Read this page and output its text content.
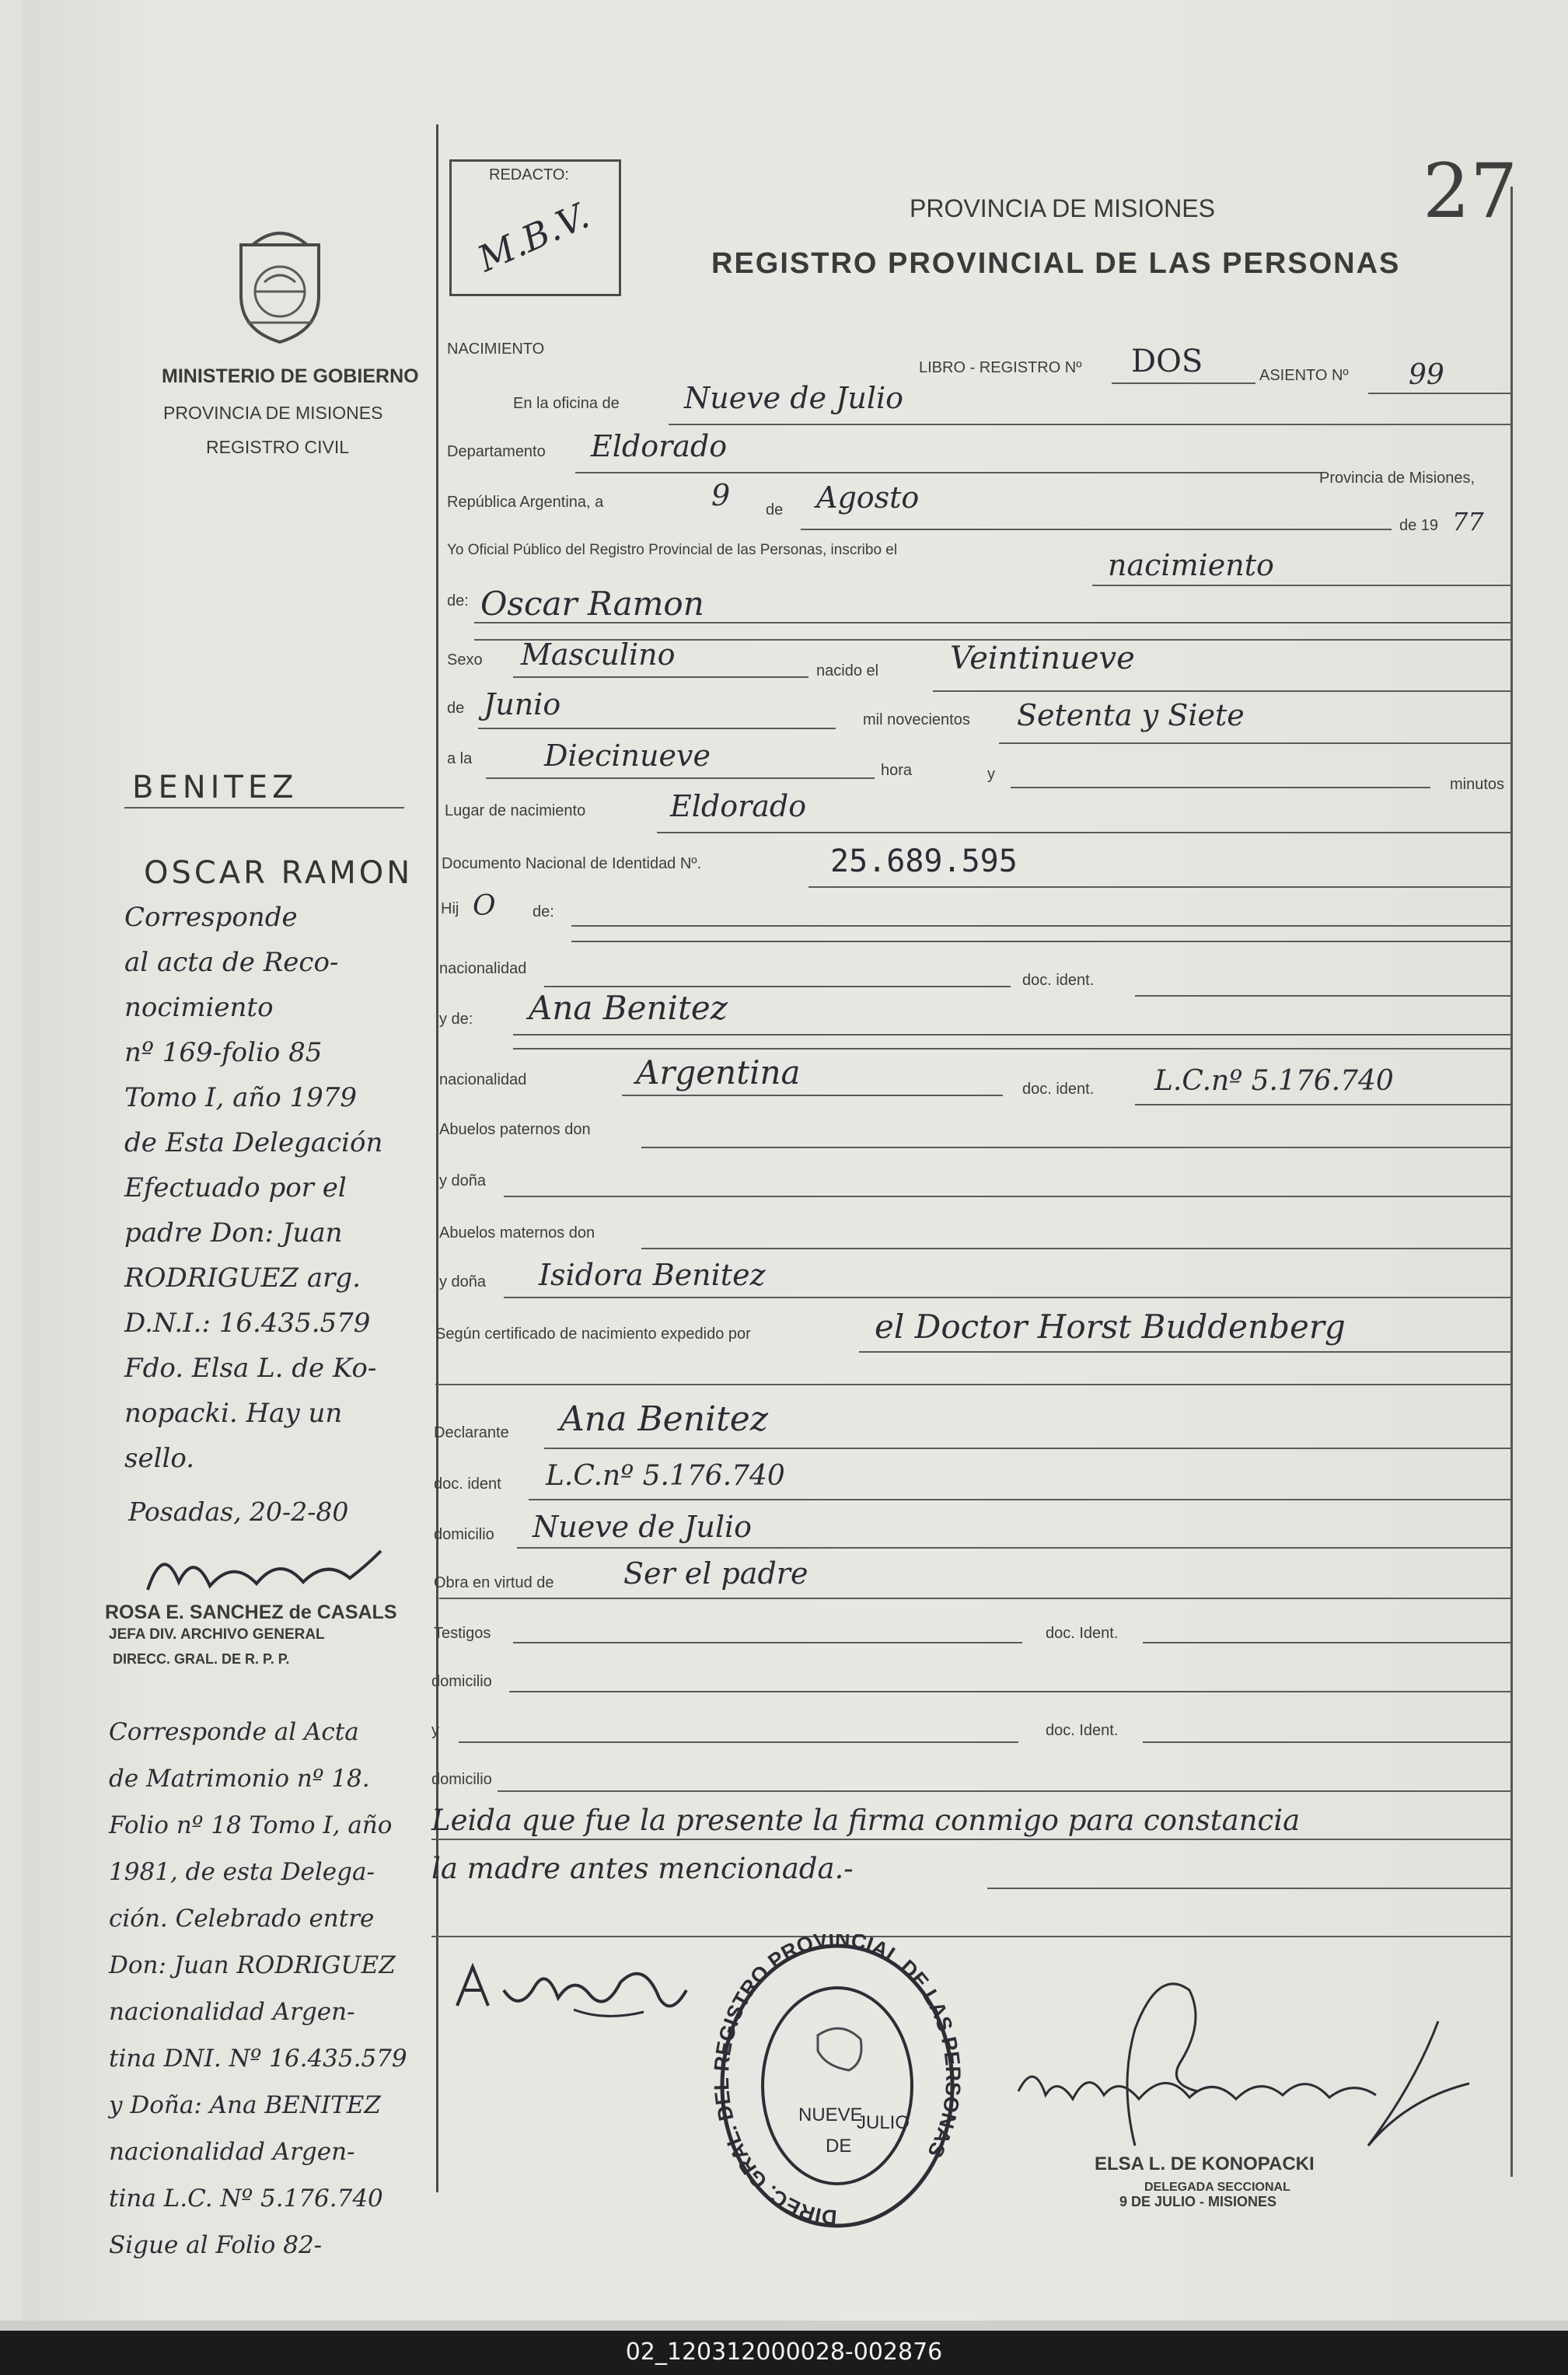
REDACTO:
M.B.V.
27
PROVINCIA DE MISIONES
REGISTRO PROVINCIAL DE LAS PERSONAS
MINISTERIO DE GOBIERNO
PROVINCIA DE MISIONES
REGISTRO CIVIL
NACIMIENTO
LIBRO - REGISTRO Nº DOS	ASIENTO Nº 99
En la oficina de Nueve de Julio
Departamento Eldorado
Provincia de Misiones,
República Argentina, a	9 de Agosto
de 19 77
Yo Oficial Público del Registro Provincial de las Personas, inscribo el	nacimiento
de: Oscar Ramon
Sexo Masculino	nacido el Veintinueve
de Junio	mil novecientos Setenta y Siete
a la Diecinueve	hora	y
minutos
Lugar de nacimiento	Eldorado
Documento Nacional de Identidad Nº.	25.689.595
Hij O de:
nacionalidad
doc. ident.
y de: Ana Benitez
nacionalidad	Argentina	doc. ident. L.C.nº 5.176.740
Abuelos paternos don
y doña
Abuelos maternos don
y doña Isidora Benitez
Según certificado de nacimiento expedido por	el Doctor Horst Buddenberg
Declarante Ana Benitez
doc. ident L.C.nº 5.176.740
domicilio Nueve de Julio
Obra en virtud de Ser el padre
Testigos	doc. Ident.
domicilio
y	doc. Ident.
domicilio
Leida que fue la presente la firma conmigo para constancia
la madre antes mencionada.-
DIREC. GRAL. DEL REGISTRO PROVINCIAL DE LAS PERSONAS
NUEVE
DE
JULIO
ELSA L. DE KONOPACKI
DELEGADA SECCIONAL
9 DE JULIO - MISIONES
BENITEZ
OSCAR RAMON
Corresponde
al acta de Reco-
nocimiento
nº 169-folio 85
Tomo I, año 1979
de Esta Delegación
Efectuado por el
padre Don: Juan
RODRIGUEZ arg.
D.N.I.: 16.435.579
Fdo. Elsa L. de Ko-
nopacki. Hay un
sello.
Posadas, 20-2-80
ROSA E. SANCHEZ de CASALS
JEFA DIV. ARCHIVO GENERAL
DIRECC. GRAL. DE R. P. P.
Corresponde al Acta
de Matrimonio nº 18.
Folio nº 18 Tomo I, año
1981, de esta Delega-
ción. Celebrado entre
Don: Juan RODRIGUEZ
nacionalidad Argen-
tina DNI. Nº 16.435.579
y Doña: Ana BENITEZ
nacionalidad Argen-
tina L.C. Nº 5.176.740
Sigue al Folio 82-
02_120312000028-002876
